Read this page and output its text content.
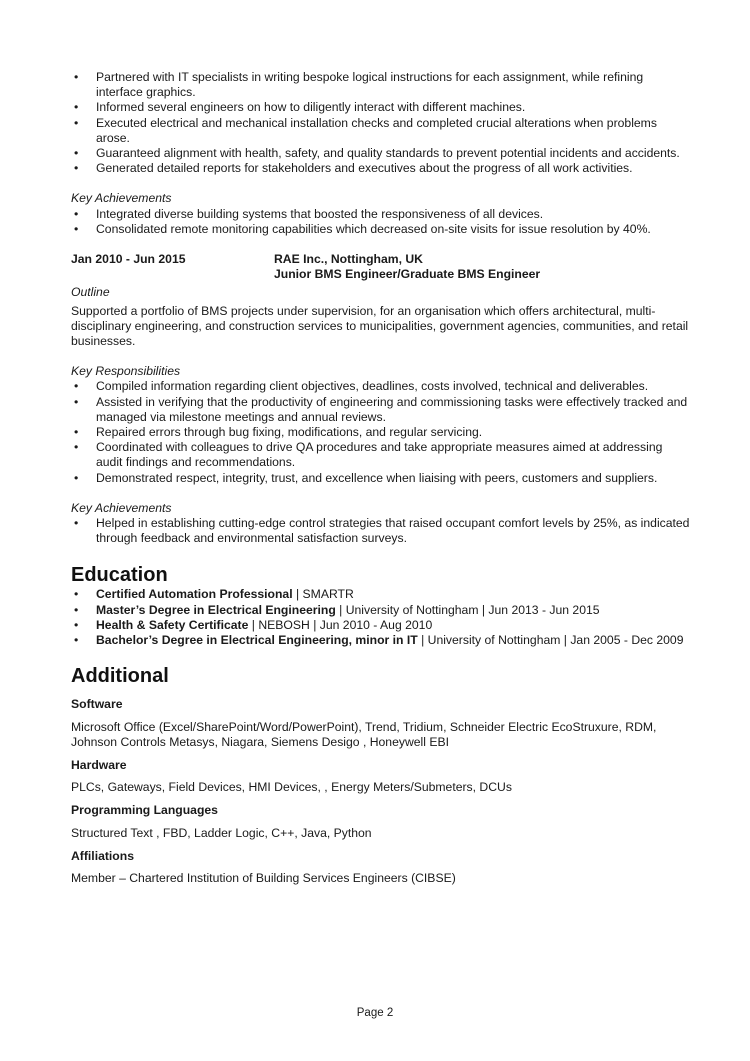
• Partnered with IT specialists in writing bespoke logical instructions for each assignment, while refining interface graphics.
• Informed several engineers on how to diligently interact with different machines.
• Executed electrical and mechanical installation checks and completed crucial alterations when problems arose.
• Guaranteed alignment with health, safety, and quality standards to prevent potential incidents and accidents.
• Generated detailed reports for stakeholders and executives about the progress of all work activities.
Key Achievements
• Integrated diverse building systems that boosted the responsiveness of all devices.
• Consolidated remote monitoring capabilities which decreased on-site visits for issue resolution by 40%.
Jan 2010 - Jun 2015	RAE Inc., Nottingham, UK
Junior BMS Engineer/Graduate BMS Engineer
Outline
Supported a portfolio of BMS projects under supervision, for an organisation which offers architectural, multi-disciplinary engineering, and construction services to municipalities, government agencies, communities, and retail businesses.
Key Responsibilities
• Compiled information regarding client objectives, deadlines, costs involved, technical and deliverables.
• Assisted in verifying that the productivity of engineering and commissioning tasks were effectively tracked and managed via milestone meetings and annual reviews.
• Repaired errors through bug fixing, modifications, and regular servicing.
• Coordinated with colleagues to drive QA procedures and take appropriate measures aimed at addressing audit findings and recommendations.
• Demonstrated respect, integrity, trust, and excellence when liaising with peers, customers and suppliers.
Key Achievements
• Helped in establishing cutting-edge control strategies that raised occupant comfort levels by 25%, as indicated through feedback and environmental satisfaction surveys.
Education
• Certified Automation Professional | SMARTR
• Master’s Degree in Electrical Engineering | University of Nottingham | Jun 2013 - Jun 2015
• Health & Safety Certificate | NEBOSH | Jun 2010 - Aug 2010
• Bachelor’s Degree in Electrical Engineering, minor in IT | University of Nottingham | Jan 2005 - Dec 2009
Additional
Software
Microsoft Office (Excel/SharePoint/Word/PowerPoint), Trend, Tridium, Schneider Electric EcoStruxure, RDM, Johnson Controls Metasys, Niagara, Siemens Desigo , Honeywell EBI
Hardware
PLCs, Gateways, Field Devices, HMI Devices, , Energy Meters/Submeters, DCUs
Programming Languages
Structured Text , FBD, Ladder Logic, C++, Java, Python
Affiliations
Member – Chartered Institution of Building Services Engineers (CIBSE)
Page 2
